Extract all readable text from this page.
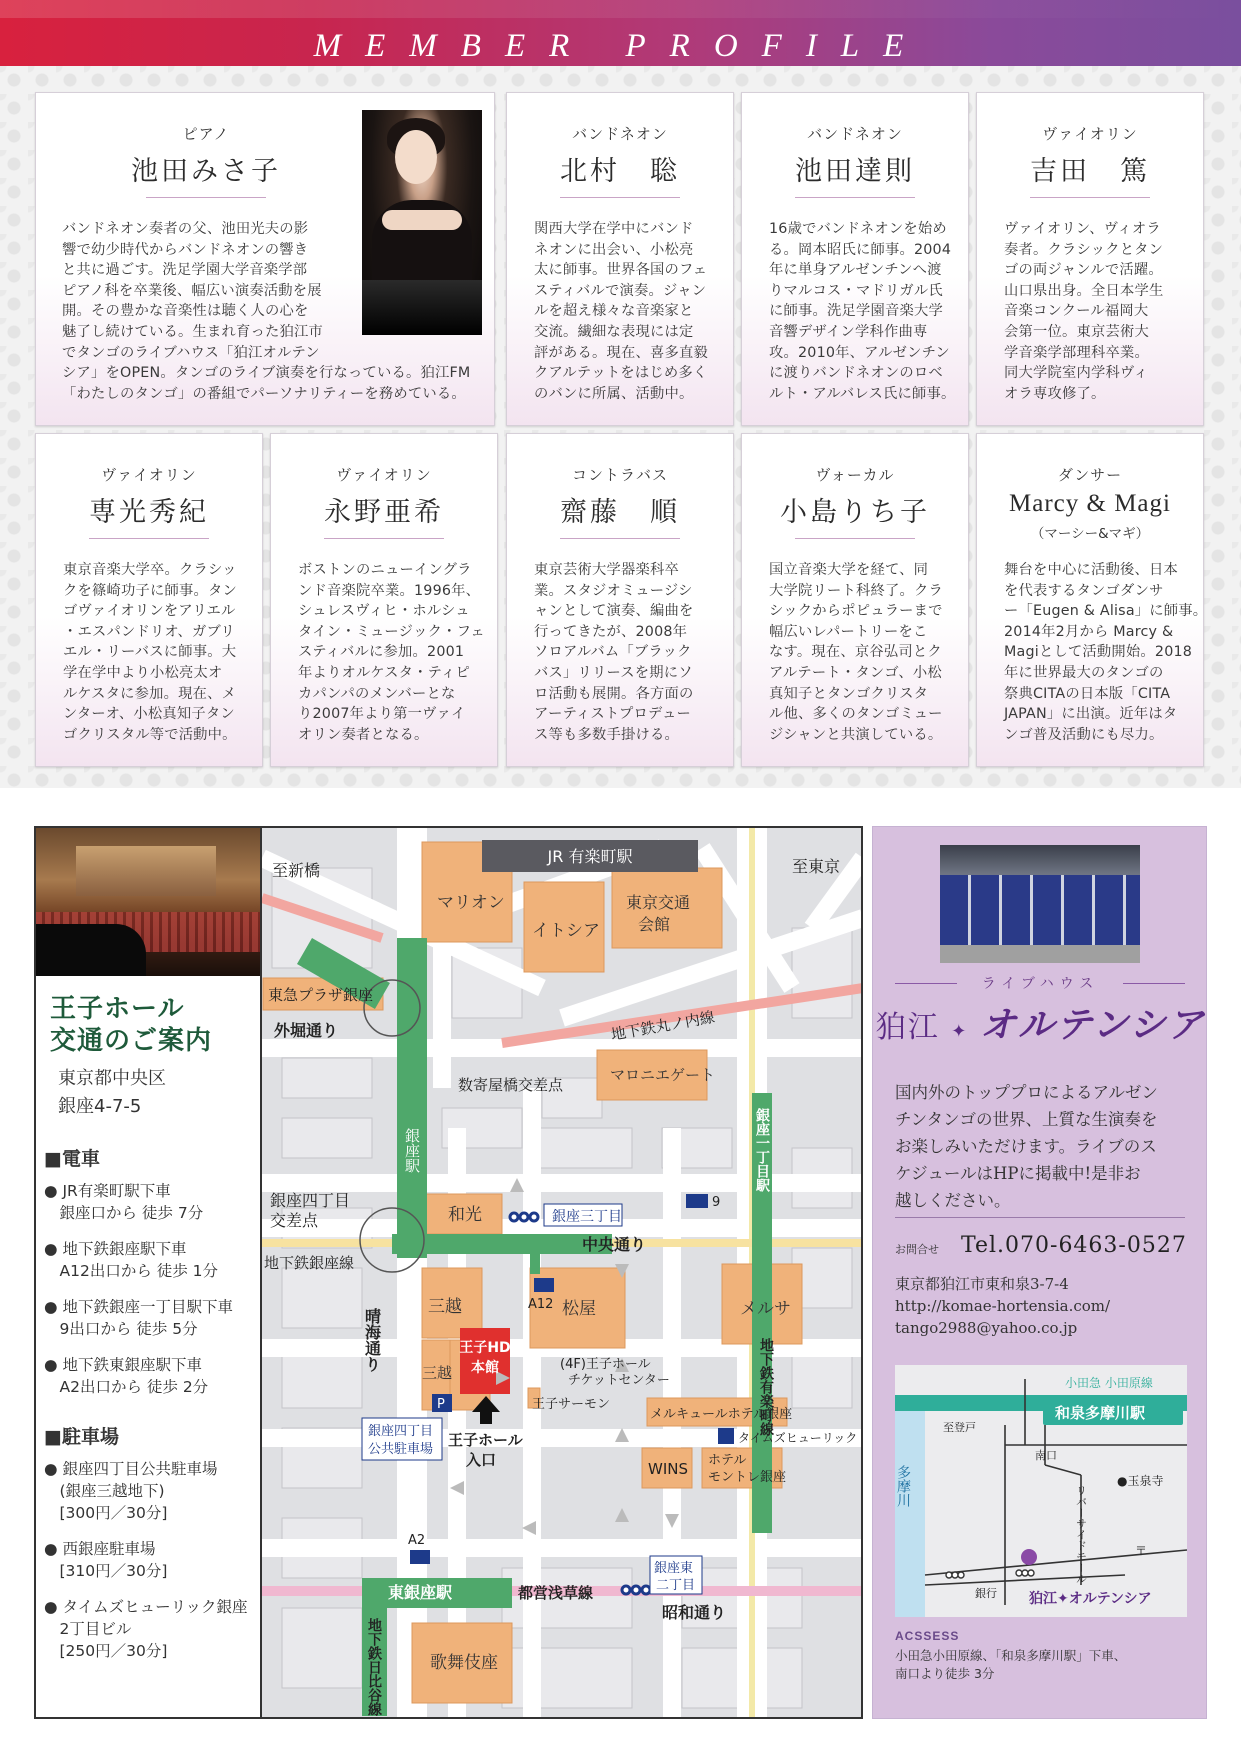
MEMBER PROFILE
ピアノ
池田みさ子
バンドネオン奏者の父、池田光夫の影
響で幼少時代からバンドネオンの響き
と共に過ごす。洗足学園大学音楽学部
ピアノ科を卒業後、幅広い演奏活動を展
開。その豊かな音楽性は聴く人の心を
魅了し続けている。生まれ育った狛江市
でタンゴのライブハウス「狛江オルテン
シア」をOPEN。タンゴのライブ演奏を行なっている。狛江FM
「わたしのタンゴ」の番組でパーソナリティーを務めている。
バンドネオン
北村　聡
関西大学在学中にバンド
ネオンに出会い、小松亮
太に師事。世界各国のフェ
スティバルで演奏。ジャン
ルを超え様々な音楽家と
交流。繊細な表現には定
評がある。現在、喜多直毅
クアルテットをはじめ多く
のバンに所属、活動中。
バンドネオン
池田達則
16歳でバンドネオンを始め
る。岡本昭氏に師事。2004
年に単身アルゼンチンへ渡
りマルコス・マドリガル氏
に師事。洗足学園音楽大学
音響デザイン学科作曲専
攻。2010年、アルゼンチン
に渡りバンドネオンのロベ
ルト・アルバレス氏に師事。
ヴァイオリン
吉田　篤
ヴァイオリン、ヴィオラ
奏者。クラシックとタン
ゴの両ジャンルで活躍。
山口県出身。全日本学生
音楽コンクール福岡大
会第一位。東京芸術大
学音楽学部理科卒業。
同大学院室内学科ヴィ
オラ専攻修了。
ヴァイオリン
専光秀紀
東京音楽大学卒。クラシッ
クを篠崎功子に師事。タン
ゴヴァイオリンをアリエル
・エスパンドリオ、ガブリ
エル・リーバスに師事。大
学在学中より小松亮太オ
ルケスタに参加。現在、メ
ンターオ、小松真知子タン
ゴクリスタル等で活動中。
ヴァイオリン
永野亜希
ボストンのニューイングラ
ンド音楽院卒業。1996年、
シュレスヴィヒ・ホルシュ
タイン・ミュージック・フェ
スティバルに参加。2001
年よりオルケスタ・ティピ
カパンパのメンバーとな
り2007年より第一ヴァイ
オリン奏者となる。
コントラバス
齋藤　順
東京芸術大学器楽科卒
業。スタジオミュージシ
ャンとして演奏、編曲を
行ってきたが、2008年
ソロアルバム「ブラック
バス」リリースを期にソ
ロ活動も展開。各方面の
アーティストプロデュー
ス等も多数手掛ける。
ヴォーカル
小島りち子
国立音楽大学を経て、同
大学院リート科終了。クラ
シックからポピュラーまで
幅広いレパートリーをこ
なす。現在、京谷弘司とク
アルテート・タンゴ、小松
真知子とタンゴクリスタ
ル他、多くのタンゴミュー
ジシャンと共演している。
ダンサー
Marcy & Magi
（マーシー&マギ）
舞台を中心に活動後、日本
を代表するタンゴダンサ
ー「Eugen & Alisa」に師事。
2014年2月から Marcy &
Magiとして活動開始。2018
年に世界最大のタンゴの
祭典CITAの日本版「CITA
JAPAN」に出演。近年はタ
ンゴ普及活動にも尽力。
王子ホール
交通のご案内
東京都中央区
銀座4-7-5
■電車
● JR有楽町駅下車
　銀座口から 徒歩 7分
● 地下鉄銀座駅下車
　A12出口から 徒歩 1分
● 地下鉄銀座一丁目駅下車
　9出口から 徒歩 5分
● 地下鉄東銀座駅下車
　A2出口から 徒歩 2分
■駐車場
● 銀座四丁目公共駐車場
　(銀座三越地下)
　[300円／30分]
● 西銀座駐車場
　[310円／30分]
● タイムズヒューリック銀座
　2丁目ビル
　[250円／30分]
JR 有楽町駅
至新橋	至東京
マリオン
イトシア
東京交通
会館
東急プラザ銀座
外堀通り	地下鉄丸ノ内線
マロニエゲート
数寄屋橋交差点
銀座駅
銀座四丁目
交差点	和光	銀座三丁目
中央通り
地下鉄銀座線
松屋
A12
9
メルサ
三越
三越
晴海通り	王子HD
本館	(4F)王子ホール
チケットセンター
王子サーモン
P
銀座四丁目
公共駐車場
王子ホール
入口
メルキュールホテル銀座
タイムズヒューリック
WINS ホテル
モントレ銀座
A2
東銀座駅	都営浅草線
銀座東
二丁目
昭和通り
歌舞伎座
地下鉄日比谷線
銀座一丁目駅
地下鉄有楽町線
ライブハウス
狛江 ✦ オルテンシア
国内外のトッププロによるアルゼン
チンタンゴの世界、上質な生演奏を
お楽しみいただけます。ライブのス
ケジュールはHPに掲載中!是非お
越しください。
お問合せ Tel.070-6463-0527
東京都狛江市東和泉3-7-4
http://komae-hortensia.com/
tango2988@yahoo.co.jp
小田急 小田原線
和泉多摩川駅
至登戸
多摩川
南口
リバーサイドモール
●玉泉寺
銀行
〒
狛江✦オルテンシア
ACSSESS
小田急小田原線、「和泉多摩川駅」下車、
南口より徒歩 3分
